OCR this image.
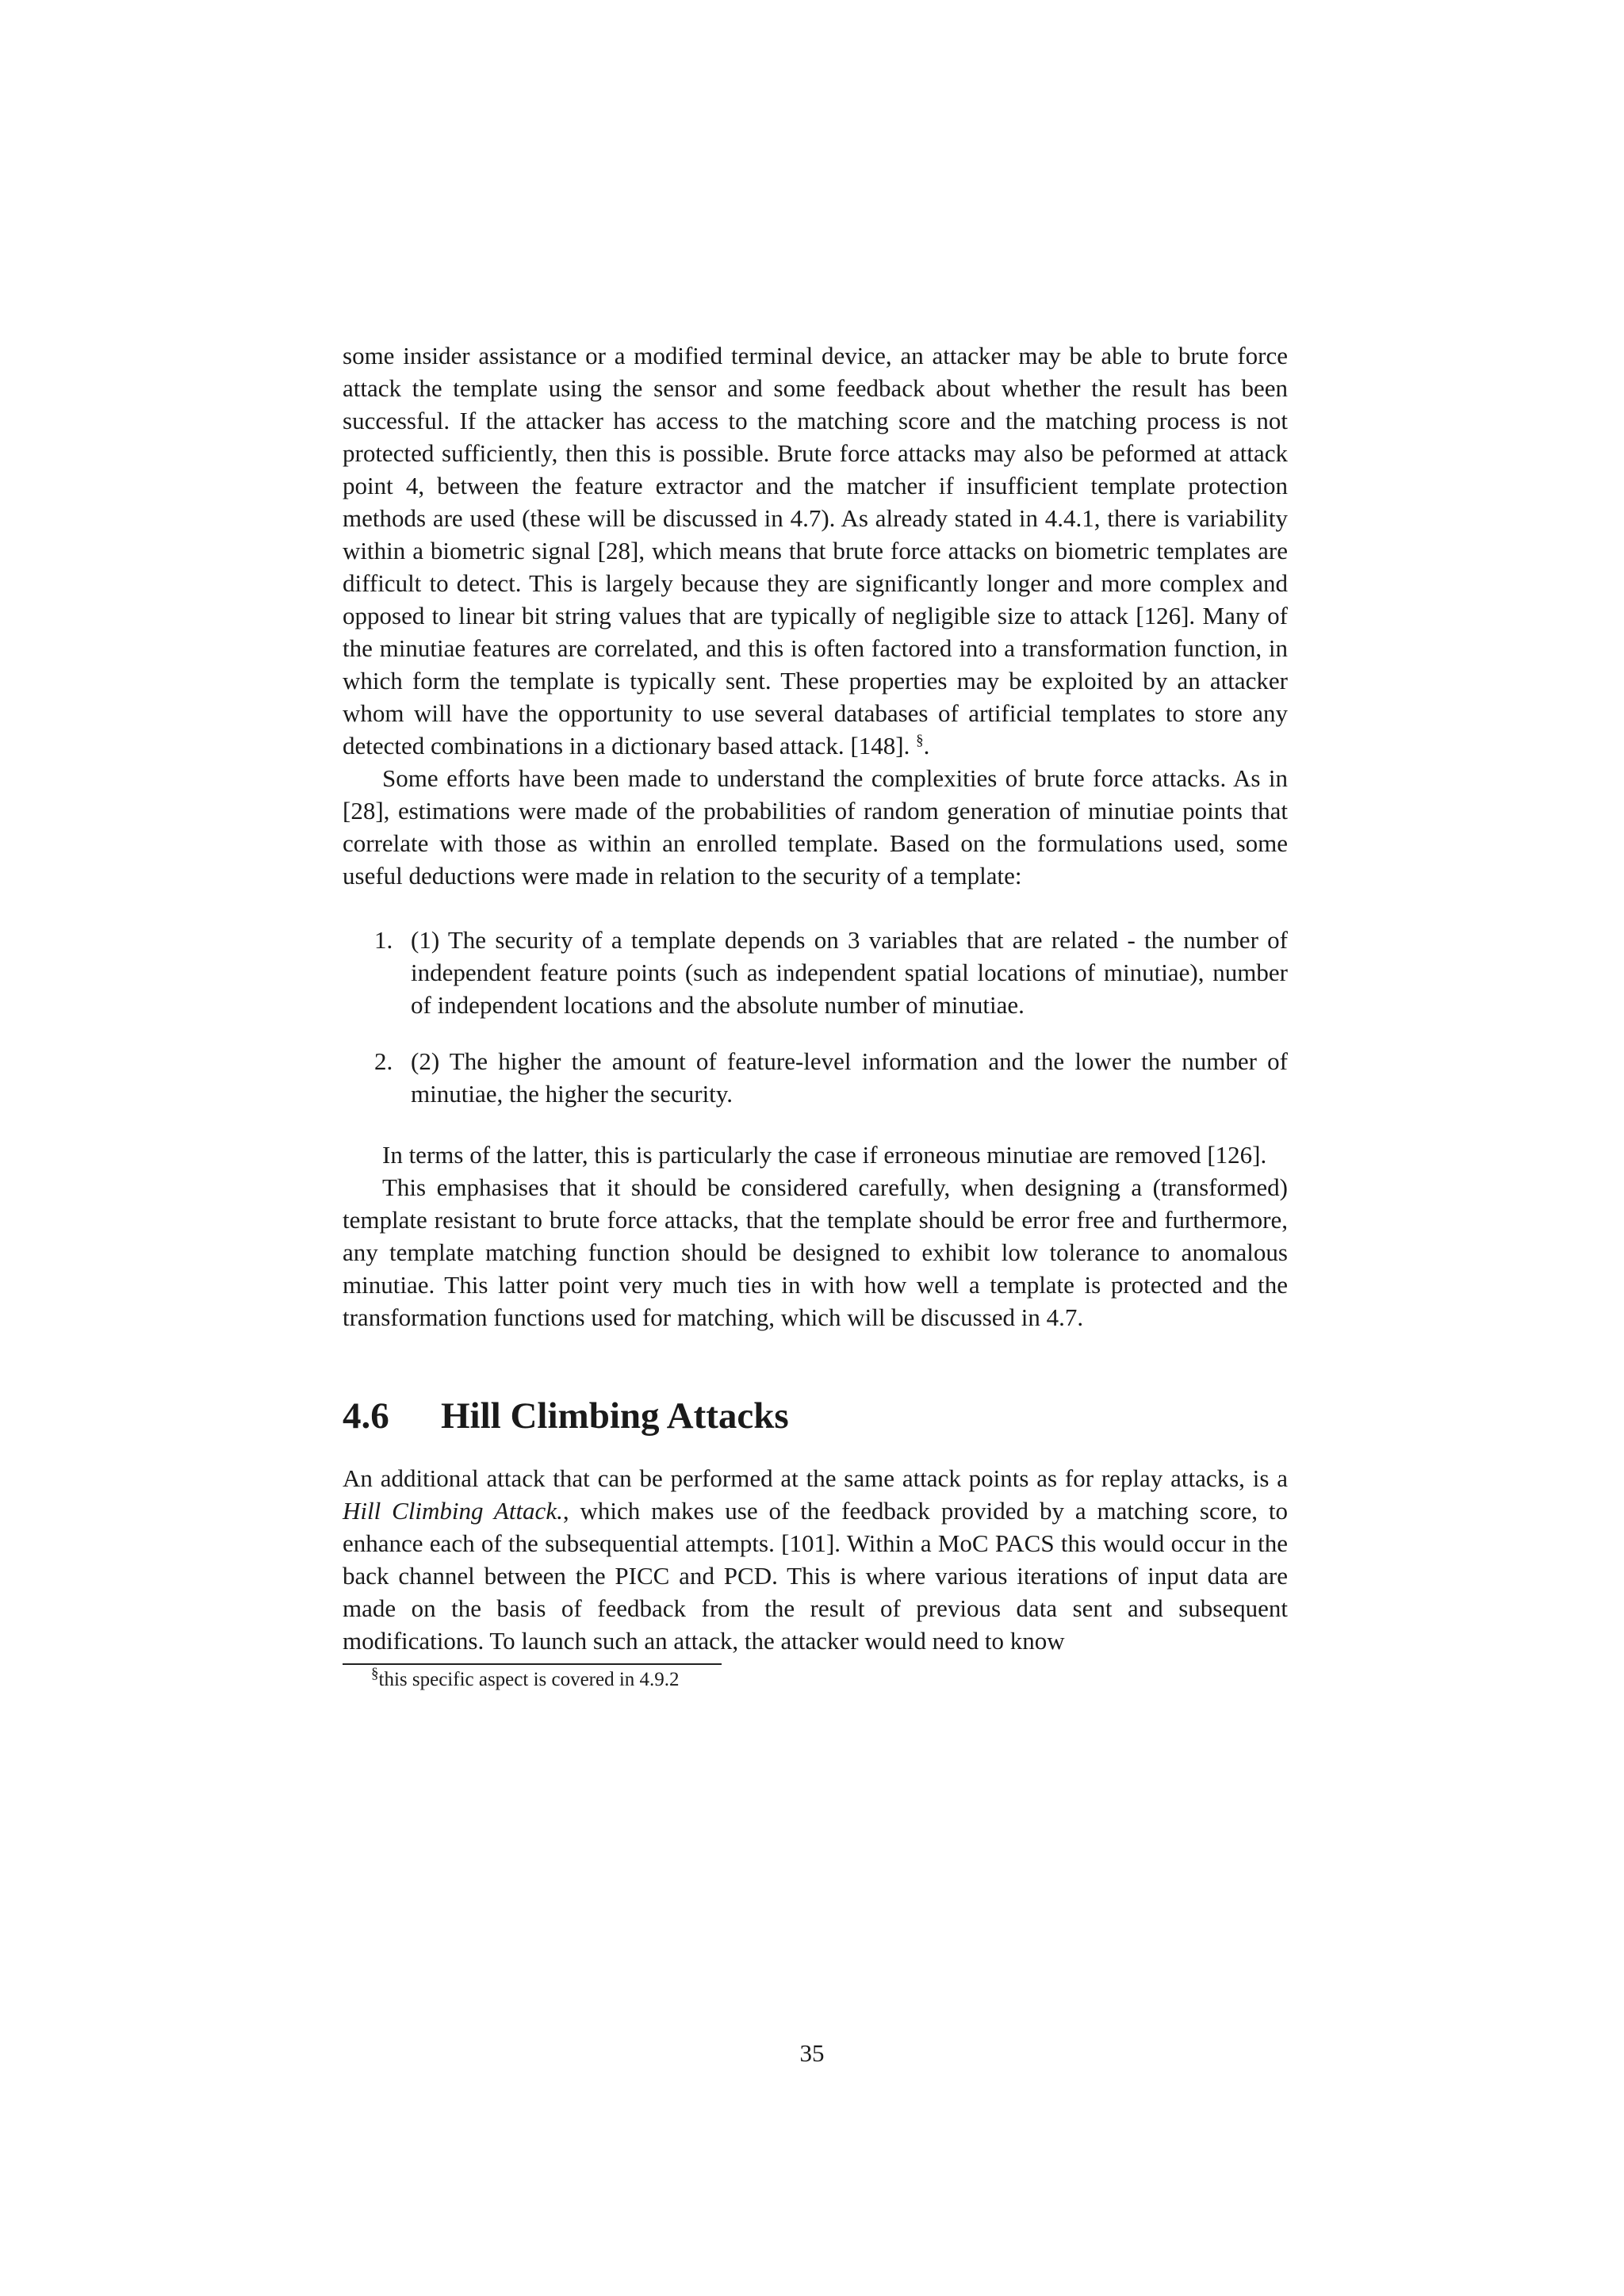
some insider assistance or a modified terminal device, an attacker may be able to brute force attack the template using the sensor and some feedback about whether the result has been successful. If the attacker has access to the matching score and the matching process is not protected sufficiently, then this is possible. Brute force attacks may also be peformed at attack point 4, between the feature extractor and the matcher if insufficient template protection methods are used (these will be discussed in 4.7). As already stated in 4.4.1, there is variability within a biometric signal [28], which means that brute force attacks on biometric templates are difficult to detect. This is largely because they are significantly longer and more complex and opposed to linear bit string values that are typically of negligible size to attack [126]. Many of the minutiae features are correlated, and this is often factored into a transformation function, in which form the template is typically sent. These properties may be exploited by an attacker whom will have the opportunity to use several databases of artificial templates to store any detected combinations in a dictionary based attack. [148]. §.

Some efforts have been made to understand the complexities of brute force attacks. As in [28], estimations were made of the probabilities of random generation of minutiae points that correlate with those as within an enrolled template. Based on the formulations used, some useful deductions were made in relation to the security of a template:

1. (1) The security of a template depends on 3 variables that are related - the number of independent feature points (such as independent spatial locations of minutiae), number of independent locations and the absolute number of minutiae.
2. (2) The higher the amount of feature-level information and the lower the number of minutiae, the higher the security.

In terms of the latter, this is particularly the case if erroneous minutiae are removed [126].

This emphasises that it should be considered carefully, when designing a (transformed) template resistant to brute force attacks, that the template should be error free and furthermore, any template matching function should be designed to exhibit low tolerance to anomalous minutiae. This latter point very much ties in with how well a template is protected and the transformation functions used for matching, which will be discussed in 4.7.

4.6 Hill Climbing Attacks

An additional attack that can be performed at the same attack points as for replay attacks, is a Hill Climbing Attack., which makes use of the feedback provided by a matching score, to enhance each of the subsequential attempts. [101]. Within a MoC PACS this would occur in the back channel between the PICC and PCD. This is where various iterations of input data are made on the basis of feedback from the result of previous data sent and subsequent modifications. To launch such an attack, the attacker would need to know

§this specific aspect is covered in 4.9.2
35
